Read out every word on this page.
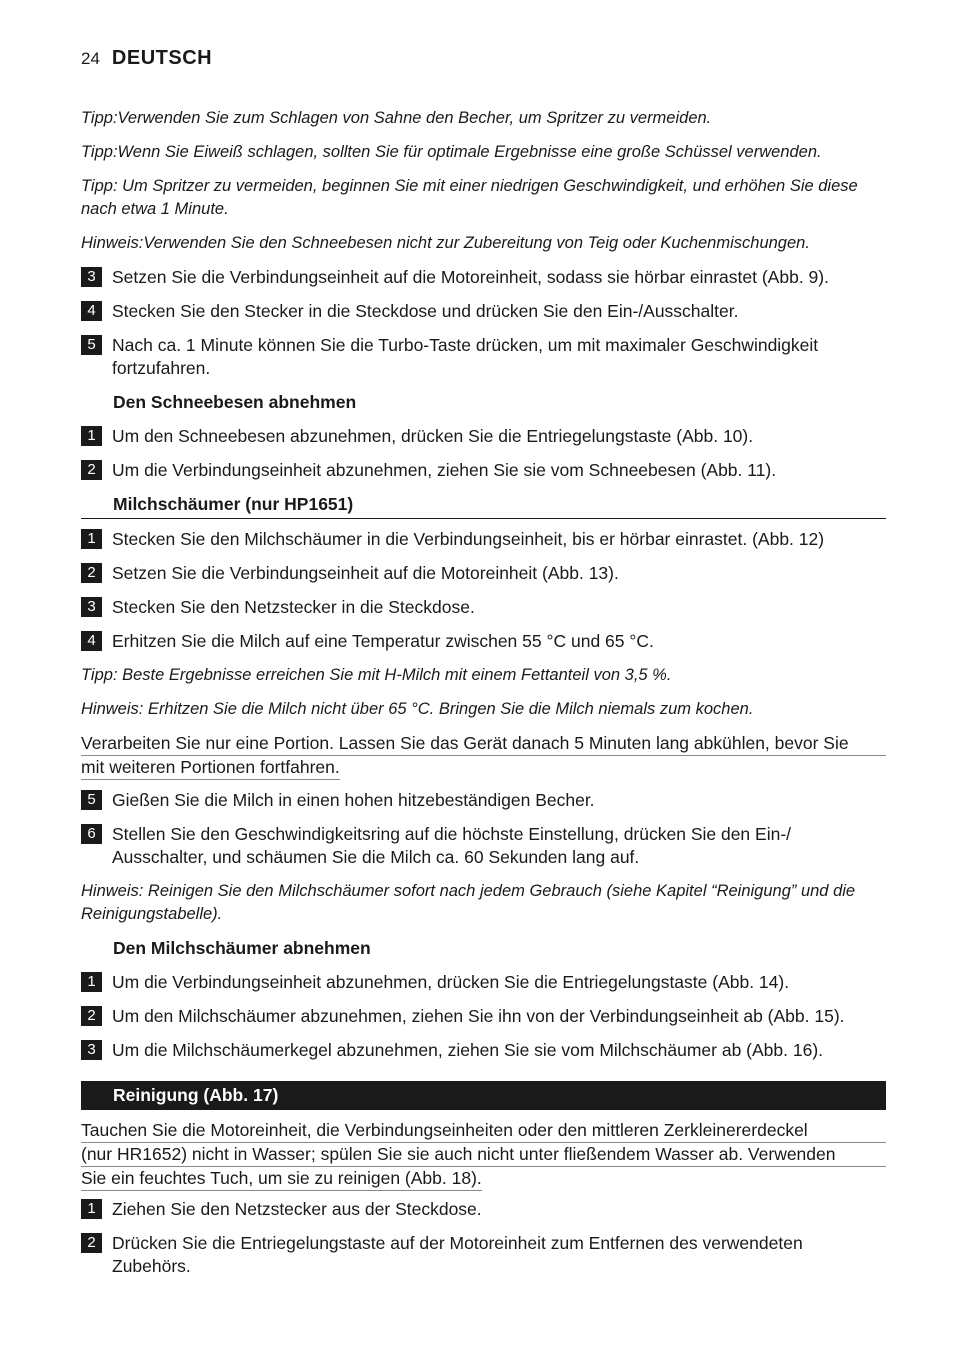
24 DEUTSCH
Tipp:Verwenden Sie zum Schlagen von Sahne den Becher, um Spritzer zu vermeiden.
Tipp:Wenn Sie Eiweiß schlagen, sollten Sie für optimale Ergebnisse eine große Schüssel verwenden.
Tipp: Um Spritzer zu vermeiden, beginnen Sie mit einer niedrigen Geschwindigkeit, und erhöhen Sie diese
nach etwa 1 Minute.
Hinweis:Verwenden Sie den Schneebesen nicht zur Zubereitung von Teig oder Kuchenmischungen.
3 Setzen Sie die Verbindungseinheit auf die Motoreinheit, sodass sie hörbar einrastet (Abb. 9).
4 Stecken Sie den Stecker in die Steckdose und drücken Sie den Ein-/Ausschalter.
5 Nach ca. 1 Minute können Sie die Turbo-Taste drücken, um mit maximaler Geschwindigkeit fortzufahren.
Den Schneebesen abnehmen
1 Um den Schneebesen abzunehmen, drücken Sie die Entriegelungstaste (Abb. 10).
2 Um die Verbindungseinheit abzunehmen, ziehen Sie sie vom Schneebesen (Abb. 11).
Milchschäumer (nur HP1651)
1 Stecken Sie den Milchschäumer in die Verbindungseinheit, bis er hörbar einrastet. (Abb. 12)
2 Setzen Sie die Verbindungseinheit auf die Motoreinheit (Abb. 13).
3 Stecken Sie den Netzstecker in die Steckdose.
4 Erhitzen Sie die Milch auf eine Temperatur zwischen 55 °C und 65 °C.
Tipp: Beste Ergebnisse erreichen Sie mit H-Milch mit einem Fettanteil von 3,5 %.
Hinweis: Erhitzen Sie die Milch nicht über 65 °C. Bringen Sie die Milch niemals zum kochen.
Verarbeiten Sie nur eine Portion. Lassen Sie das Gerät danach 5 Minuten lang abkühlen, bevor Sie
mit weiteren Portionen fortfahren.
5 Gießen Sie die Milch in einen hohen hitzebeständigen Becher.
6 Stellen Sie den Geschwindigkeitsring auf die höchste Einstellung, drücken Sie den Ein-/ Ausschalter, und schäumen Sie die Milch ca. 60 Sekunden lang auf.
Hinweis: Reinigen Sie den Milchschäumer sofort nach jedem Gebrauch (siehe Kapitel “Reinigung” und die
Reinigungstabelle).
Den Milchschäumer abnehmen
1 Um die Verbindungseinheit abzunehmen, drücken Sie die Entriegelungstaste (Abb. 14).
2 Um den Milchschäumer abzunehmen, ziehen Sie ihn von der Verbindungseinheit ab (Abb. 15).
3 Um die Milchschäumerkegel abzunehmen, ziehen Sie sie vom Milchschäumer ab (Abb. 16).
Reinigung (Abb. 17)
Tauchen Sie die Motoreinheit, die Verbindungseinheiten oder den mittleren Zerkleinererdeckel
(nur HR1652) nicht in Wasser; spülen Sie sie auch nicht unter fließendem Wasser ab. Verwenden
Sie ein feuchtes Tuch, um sie zu reinigen (Abb. 18).
1 Ziehen Sie den Netzstecker aus der Steckdose.
2 Drücken Sie die Entriegelungstaste auf der Motoreinheit zum Entfernen des verwendeten Zubehörs.
